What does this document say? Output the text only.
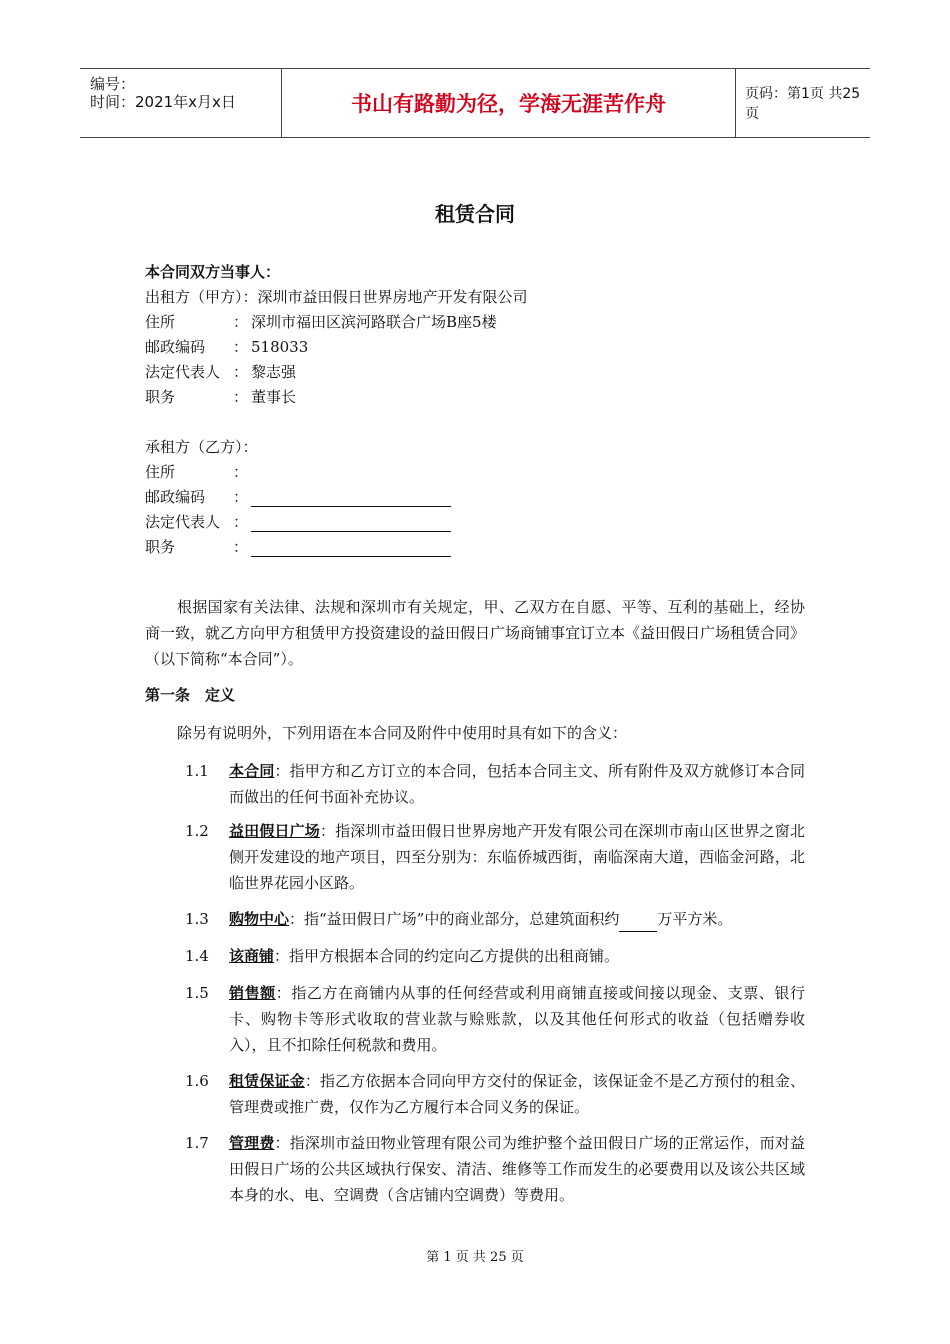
编号：
时间：2021年x月x日	书山有路勤为径，学海无涯苦作舟	页码：第1页 共25页
租赁合同
本合同双方当事人：
出租方（甲方）：深圳市益田假日世界房地产开发有限公司
住所	： 深圳市福田区滨河路联合广场B座5楼
邮政编码 ： 518033
法定代表人 ： 黎志强
职务	： 董事长
承租方（乙方）：
住所	：
邮政编码 ：
法定代表人 ：
职务	：
根据国家有关法律、法规和深圳市有关规定，甲、乙双方在自愿、平等、互利的基础上，经协商一致，就乙方向甲方租赁甲方投资建设的益田假日广场商铺事宜订立本《益田假日广场租赁合同》（以下简称“本合同”）。
第一条　定义
除另有说明外，下列用语在本合同及附件中使用时具有如下的含义：
1.1	本合同：指甲方和乙方订立的本合同，包括本合同主文、所有附件及双方就修订本合同而做出的任何书面补充协议。
1.2	益田假日广场：指深圳市益田假日世界房地产开发有限公司在深圳市南山区世界之窗北侧开发建设的地产项目，四至分别为：东临侨城西街，南临深南大道，西临金河路，北临世界花园小区路。
1.3	购物中心：指“益田假日广场”中的商业部分，总建筑面积约	万平方米。
1.4	该商铺：指甲方根据本合同的约定向乙方提供的出租商铺。
1.5	销售额：指乙方在商铺内从事的任何经营或利用商铺直接或间接以现金、支票、银行卡、购物卡等形式收取的营业款与赊账款，以及其他任何形式的收益（包括赠券收入），且不扣除任何税款和费用。
1.6	租赁保证金：指乙方依据本合同向甲方交付的保证金，该保证金不是乙方预付的租金、管理费或推广费，仅作为乙方履行本合同义务的保证。
1.7	管理费：指深圳市益田物业管理有限公司为维护整个益田假日广场的正常运作，而对益田假日广场的公共区域执行保安、清洁、维修等工作而发生的必要费用以及该公共区域本身的水、电、空调费（含店铺内空调费）等费用。
第 1 页 共 25 页
